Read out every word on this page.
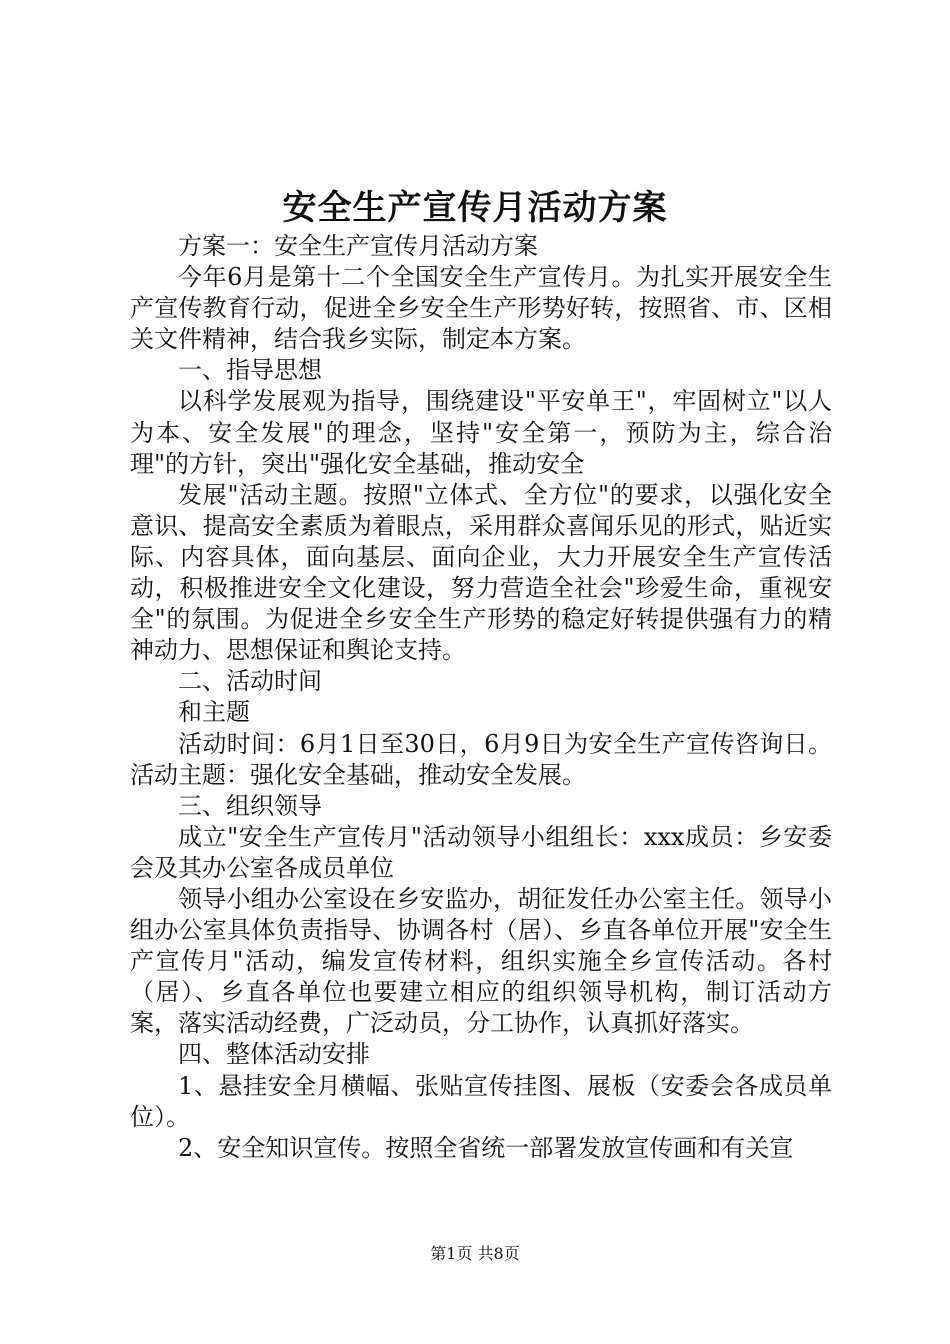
安全生产宣传月活动方案

方案一：安全生产宣传月活动方案

今年6月是第十二个全国安全生产宣传月。为扎实开展安全生产宣传教育行动，促进全乡安全生产形势好转，按照省、市、区相关文件精神，结合我乡实际，制定本方案。

一、指导思想

以科学发展观为指导，围绕建设"平安单王"，牢固树立"以人为本、安全发展"的理念，坚持"安全第一，预防为主，综合治理"的方针，突出"强化安全基础，推动安全

发展"活动主题。按照"立体式、全方位"的要求，以强化安全意识、提高安全素质为着眼点，采用群众喜闻乐见的形式，贴近实际、内容具体，面向基层、面向企业，大力开展安全生产宣传活动，积极推进安全文化建设，努力营造全社会"珍爱生命，重视安全"的氛围。为促进全乡安全生产形势的稳定好转提供强有力的精神动力、思想保证和舆论支持。

二、活动时间

和主题

活动时间：6月1日至30日，6月9日为安全生产宣传咨询日。活动主题：强化安全基础，推动安全发展。

三、组织领导

成立"安全生产宣传月"活动领导小组组长：xxx成员：乡安委会及其办公室各成员单位

领导小组办公室设在乡安监办，胡征发任办公室主任。领导小组办公室具体负责指导、协调各村（居）、乡直各单位开展"安全生产宣传月"活动，编发宣传材料，组织实施全乡宣传活动。各村（居）、乡直各单位也要建立相应的组织领导机构，制订活动方案，落实活动经费，广泛动员，分工协作，认真抓好落实。

四、整体活动安排

1、悬挂安全月横幅、张贴宣传挂图、展板（安委会各成员单位）。

2、安全知识宣传。按照全省统一部署发放宣传画和有关宣

第1页 共8页
